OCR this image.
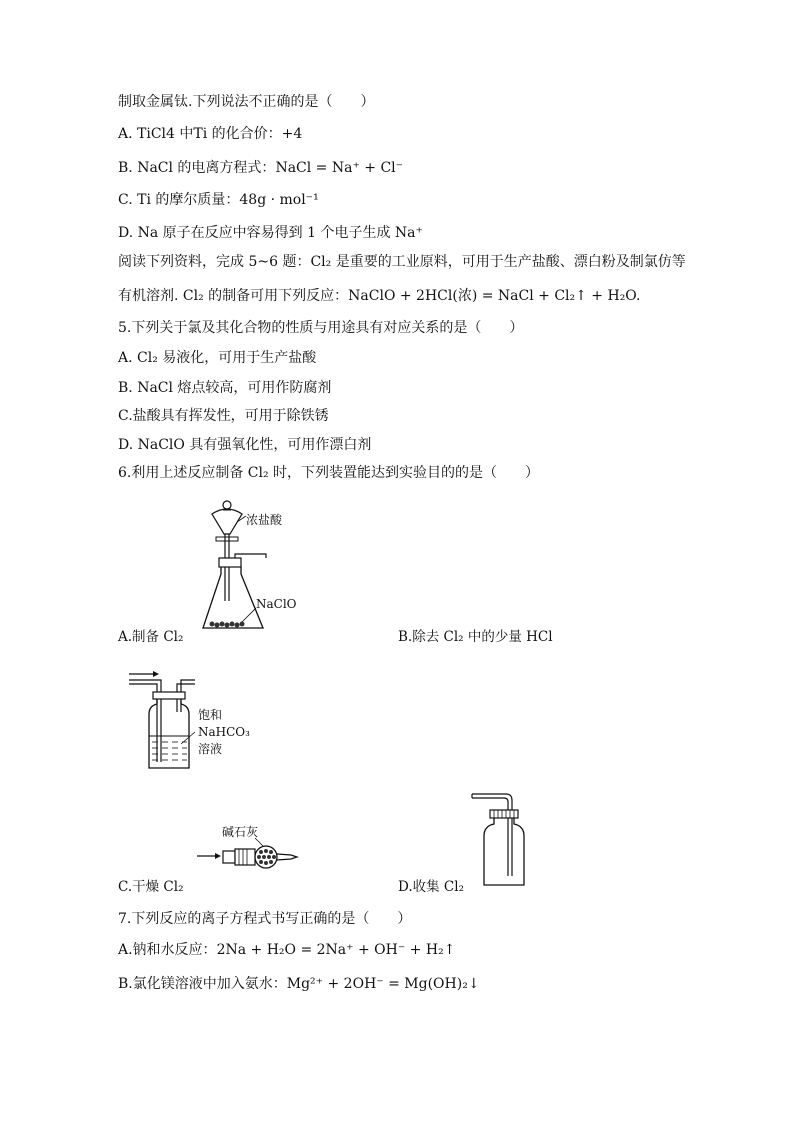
制取金属钛.下列说法不正确的是（　　）
A. TiCl4 中Ti 的化合价：+4
B. NaCl 的电离方程式：NaCl = Na⁺ + Cl⁻
C. Ti 的摩尔质量：48g · mol⁻¹
D. Na 原子在反应中容易得到 1 个电子生成 Na⁺
阅读下列资料，完成 5~6 题：Cl₂ 是重要的工业原料，可用于生产盐酸、漂白粉及制氯仿等
有机溶剂. Cl₂ 的制备可用下列反应：NaClO + 2HCl(浓) = NaCl + Cl₂↑ + H₂O.
5.下列关于氯及其化合物的性质与用途具有对应关系的是（　　）
A. Cl₂ 易液化，可用于生产盐酸
B. NaCl 熔点较高，可用作防腐剂
C.盐酸具有挥发性，可用于除铁锈
D. NaClO 具有强氧化性，可用作漂白剂
6.利用上述反应制备 Cl₂ 时，下列装置能达到实验目的的是（　　）
浓盐酸
NaClO
A.制备 Cl₂	B.除去 Cl₂ 中的少量 HCl
饱和
NaHCO₃
溶液
碱石灰
C.干燥 Cl₂	D.收集 Cl₂
7.下列反应的离子方程式书写正确的是（　　）
A.钠和水反应：2Na + H₂O = 2Na⁺ + OH⁻ + H₂↑
B.氯化镁溶液中加入氨水：Mg²⁺ + 2OH⁻ = Mg(OH)₂↓
